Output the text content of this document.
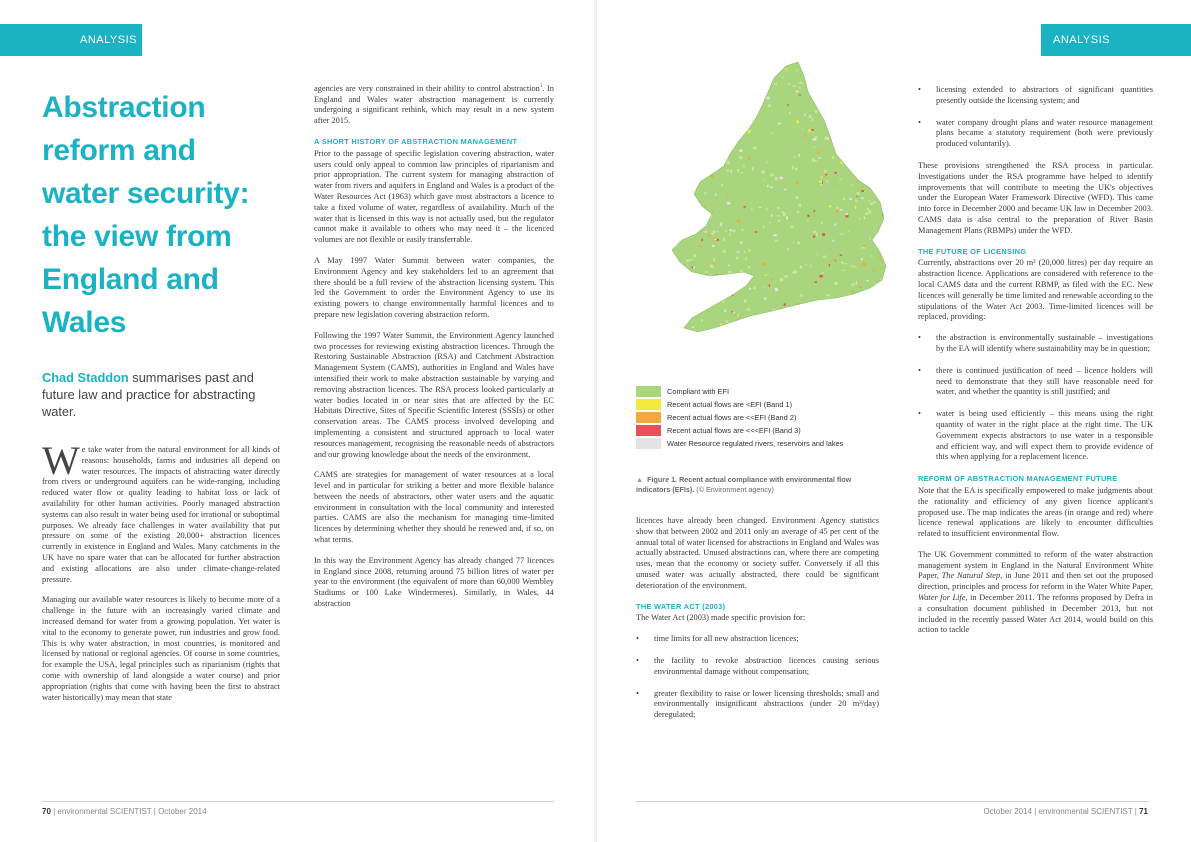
ANALYSIS
Abstraction
reform and
water security:
the view from
England and
Wales
Chad Staddon summarises past and future law and practice for abstracting water.

We take water from the natural environment for all kinds of reasons: households, farms and industries all depend on water resources. The impacts of abstracting water directly from rivers or underground aquifers can be wide-ranging, including reduced water flow or quality leading to habitat loss or lack of availability for other human activities. Poorly managed abstraction systems can also result in water being used for irrational or suboptimal purposes. We already face challenges in water availability that put pressure on some of the existing 20,000+ abstraction licences currently in existence in England and Wales. Many catchments in the UK have no spare water that can be allocated for further abstraction and existing allocations are also under climate-change-related pressure.

Managing our available water resources is likely to become more of a challenge in the future with an increasingly varied climate and increased demand for water from a growing population. Yet water is vital to the economy to generate power, run industries and grow food. This is why water abstraction, in most countries, is monitored and licensed by national or regional agencies. Of course in some countries, for example the USA, legal principles such as riparianism (rights that come with ownership of land alongside a water course) and prior appropriation (rights that come with having been the first to abstract water historically) may mean that state

agencies are very constrained in their ability to control abstraction$^1$. In England and Wales water abstraction management is currently undergoing a significant rethink, which may result in a new system after 2015.

A SHORT HISTORY OF ABSTRACTION MANAGEMENT

Prior to the passage of specific legislation covering abstraction, water users could only appeal to common law principles of riparianism and prior appropriation. The current system for managing abstraction of water from rivers and aquifers in England and Wales is a product of the Water Resources Act (1963) which gave most abstractors a licence to take a fixed volume of water, regardless of availability. Much of the water that is licensed in this way is not actually used, but the regulator cannot make it available to others who may need it – the licenced volumes are not flexible or easily transferrable.

A May 1997 Water Summit between water companies, the Environment Agency and key stakeholders led to an agreement that there should be a full review of the abstraction licensing system. This led the Government to order the Environment Agency to use its existing powers to change environmentally harmful licences and to prepare new legislation covering abstraction reform.

Following the 1997 Water Summit, the Environment Agency launched two processes for reviewing existing abstraction licences. Through the Restoring Sustainable Abstraction (RSA) and Catchment Abstraction Management System (CAMS), authorities in England and Wales have intensified their work to make abstraction sustainable by varying and removing abstraction licences. The RSA process looked particularly at water bodies located in or near sites that are affected by the EC Habitats Directive, Sites of Specific Scientific Interest (SSSIs) or other conservation areas. The CAMS process involved developing and implementing a consistent and structured approach to local water resources management, recognising the reasonable needs of abstractors and our growing knowledge about the needs of the environment.

CAMS are strategies for management of water resources at a local level and in particular for striking a better and more flexible balance between the needs of abstractors, other water users and the aquatic environment in consultation with the local community and interested parties. CAMS are also the mechanism for managing time-limited licences by determining whether they should be renewed and, if so, on what terms.

In this way the Environment Agency has already changed 77 licences in England since 2008, returning around 75 billion litres of water per year to the environment (the equivalent of more than 60,000 Wembley Stadiums or 100 Lake Windermeres). Similarly, in Wales, 44 abstraction

70 | environmental SCIENTIST | October 2014
ANALYSIS
Compliant with EFI
Recent actual flows are <EFI (Band 1)
Recent actual flows are <<EFI (Band 2)
Recent actual flows are <<<EFI (Band 3)
Water Resource regulated rivers, reservoirs and lakes
▲ Figure 1. Recent actual compliance with environmental flow indicators (EFIs). (© Environment agency)

licences have already been changed. Environment Agency statistics show that between 2002 and 2011 only an average of 45 per cent of the annual total of water licensed for abstractions in England and Wales was actually abstracted. Unused abstractions can, where there are competing uses, mean that the economy or society suffer. Conversely if all this unused water was actually abstracted, there could be significant deterioration of the environment.

THE WATER ACT (2003)

The Water Act (2003) made specific provision for:

• time limits for all new abstraction licences;
• the facility to revoke abstraction licences causing serious environmental damage without compensation;
• greater flexibility to raise or lower licensing thresholds; small and environmentally insignificant abstractions (under 20 m³/day) deregulated;
• licensing extended to abstractors of significant quantities presently outside the licensing system; and
• water company drought plans and water resource management plans became a statutory requirement (both were previously produced voluntarily).

These provisions strengthened the RSA process in particular. Investigations under the RSA programme have helped to identify improvements that will contribute to meeting the UK's objectives under the European Water Framework Directive (WFD). This came into force in December 2000 and became UK law in December 2003. CAMS data is also central to the preparation of River Basin Management Plans (RBMPs) under the WFD.

THE FUTURE OF LICENSING

Currently, abstractions over 20 m³ (20,000 litres) per day require an abstraction licence. Applications are considered with reference to the local CAMS data and the current RBMP, as filed with the EC. New licences will generally be time limited and renewable according to the stipulations of the Water Act 2003. Time-limited licences will be replaced, providing:

• the abstraction is environmentally sustainable – investigations by the EA will identify where sustainability may be in question;
• there is continued justification of need – licence holders will need to demonstrate that they still have reasonable need for water, and whether the quantity is still justified; and
• water is being used efficiently – this means using the right quantity of water in the right place at the right time. The UK Government expects abstractors to use water in a responsible and efficient way, and will expect them to provide evidence of this when applying for a replacement licence.
REFORM OF ABSTRACTION MANAGEMENT FUTURE

Note that the EA is specifically empowered to make judgments about the rationality and efficiency of any given licence applicant's proposed use. The map indicates the areas (in orange and red) where licence renewal applications are likely to encounter difficulties related to insufficient environmental flow.

The UK Government committed to reform of the water abstraction management system in England in the Natural Environment White Paper, The Natural Step, in June 2011 and then set out the proposed direction, principles and process for reform in the Water White Paper, Water for Life, in December 2011. The reforms proposed by Defra in a consultation document published in December 2013, but not included in the recently passed Water Act 2014, would build on this action to tackle

October 2014 | environmental SCIENTIST | 71
